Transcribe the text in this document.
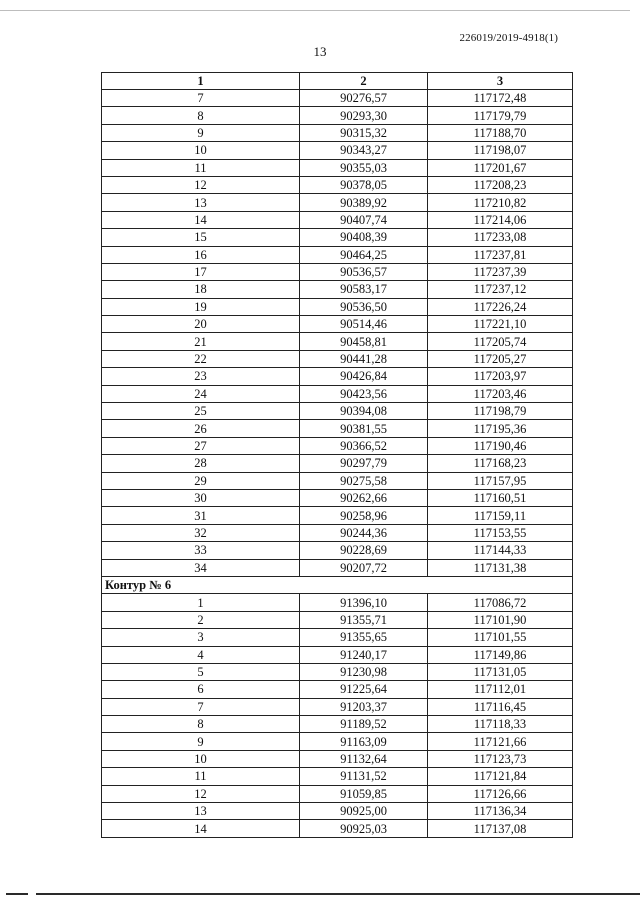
226019/2019-4918(1)
13
1	2	3
7	90276,57	117172,48
8	90293,30	117179,79
9	90315,32	117188,70
10	90343,27	117198,07
11	90355,03	117201,67
12	90378,05	117208,23
13	90389,92	117210,82
14	90407,74	117214,06
15	90408,39	117233,08
16	90464,25	117237,81
17	90536,57	117237,39
18	90583,17	117237,12
19	90536,50	117226,24
20	90514,46	117221,10
21	90458,81	117205,74
22	90441,28	117205,27
23	90426,84	117203,97
24	90423,56	117203,46
25	90394,08	117198,79
26	90381,55	117195,36
27	90366,52	117190,46
28	90297,79	117168,23
29	90275,58	117157,95
30	90262,66	117160,51
31	90258,96	117159,11
32	90244,36	117153,55
33	90228,69	117144,33
34	90207,72	117131,38
Контур № 6		
1	91396,10	117086,72
2	91355,71	117101,90
3	91355,65	117101,55
4	91240,17	117149,86
5	91230,98	117131,05
6	91225,64	117112,01
7	91203,37	117116,45
8	91189,52	117118,33
9	91163,09	117121,66
10	91132,64	117123,73
11	91131,52	117121,84
12	91059,85	117126,66
13	90925,00	117136,34
14	90925,03	117137,08
